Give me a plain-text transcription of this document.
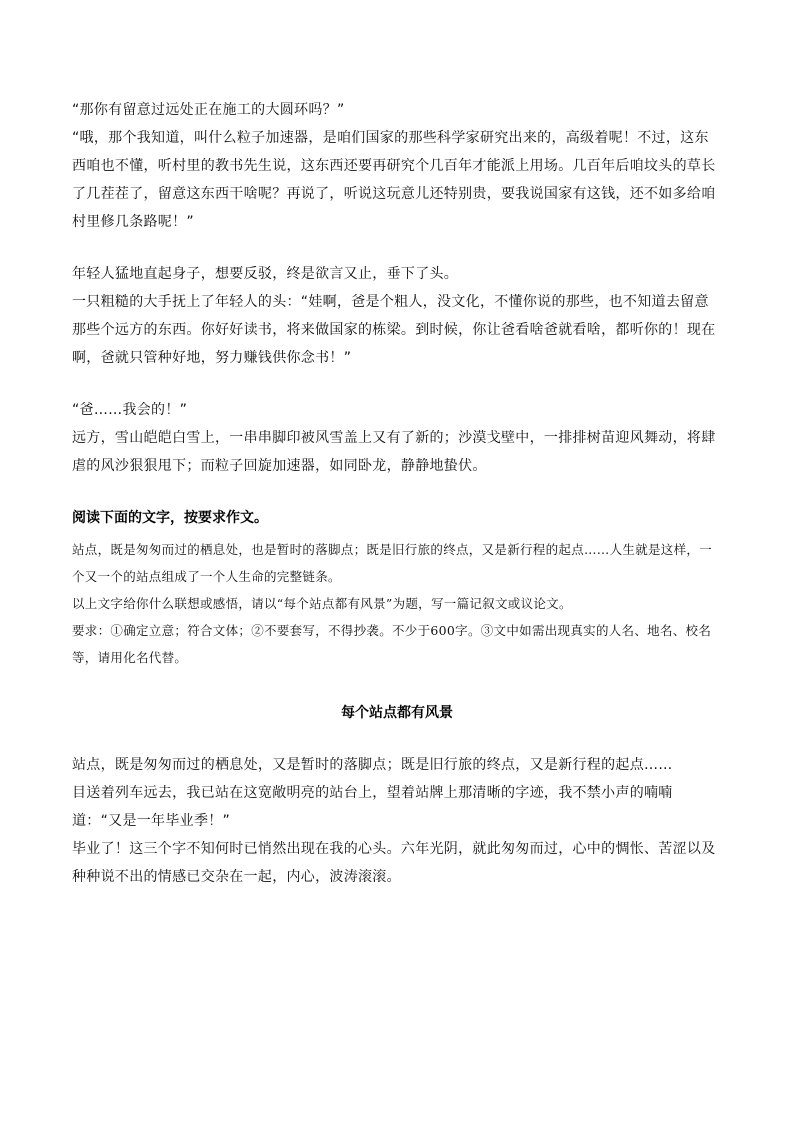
“那你有留意过远处正在施工的大圆环吗？”

“哦，那个我知道，叫什么粒子加速器，是咱们国家的那些科学家研究出来的，高级着呢！不过，这东西咱也不懂，听村里的教书先生说，这东西还要再研究个几百年才能派上用场。几百年后咱坟头的草长了几茬茬了，留意这东西干啥呢？再说了，听说这玩意儿还特别贵，要我说国家有这钱，还不如多给咱村里修几条路呢！”

年轻人猛地直起身子，想要反驳，终是欲言又止，垂下了头。

一只粗糙的大手抚上了年轻人的头：“娃啊，爸是个粗人，没文化，不懂你说的那些，也不知道去留意那些个远方的东西。你好好读书，将来做国家的栋梁。到时候，你让爸看啥爸就看啥，都听你的！现在啊，爸就只管种好地，努力赚钱供你念书！”

“爸……我会的！”

远方，雪山皑皑白雪上，一串串脚印被风雪盖上又有了新的；沙漠戈壁中，一排排树苗迎风舞动，将肆虐的风沙狠狠甩下；而粒子回旋加速器，如同卧龙，静静地蛰伏。

阅读下面的文字，按要求作文。

站点，既是匆匆而过的栖息处，也是暂时的落脚点；既是旧行旅的终点，又是新行程的起点……人生就是这样，一个又一个的站点组成了一个人生命的完整链条。

以上文字给你什么联想或感悟，请以“每个站点都有风景”为题，写一篇记叙文或议论文。

要求：①确定立意；符合文体；②不要套写，不得抄袭。不少于600字。③文中如需出现真实的人名、地名、校名等，请用化名代替。

每个站点都有风景

站点，既是匆匆而过的栖息处，又是暂时的落脚点；既是旧行旅的终点，又是新行程的起点……

目送着列车远去，我已站在这宽敞明亮的站台上，望着站牌上那清晰的字迹，我不禁小声的喃喃道：“又是一年毕业季！”

毕业了！这三个字不知何时已悄然出现在我的心头。六年光阴，就此匆匆而过，心中的惆怅、苦涩以及种种说不出的情感已交杂在一起，内心，波涛滚滚。
